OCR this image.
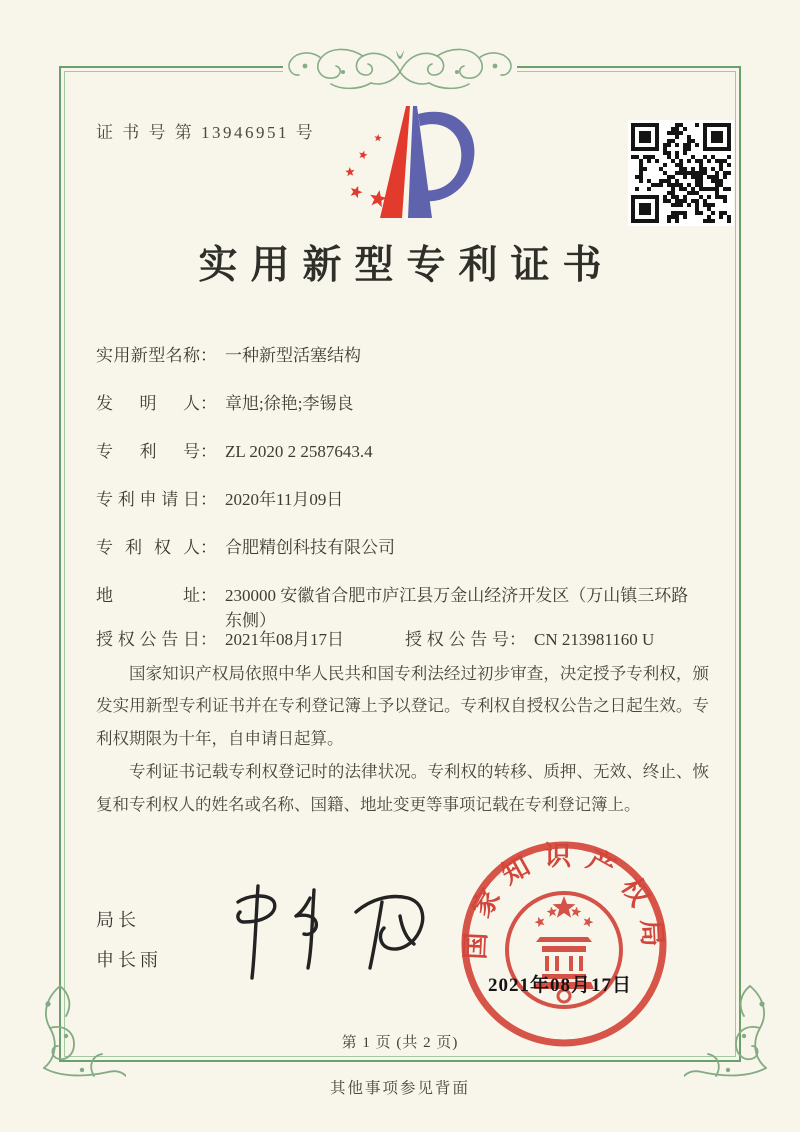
证 书 号 第 13946951 号
实用新型专利证书
实用新型名称 ： 一种新型活塞结构
发明人 ： 章旭;徐艳;李锡良
专利号 ： ZL 2020 2 2587643.4
专利申请日 ： 2020年11月09日
专利权人 ： 合肥精创科技有限公司
地址 ： 230000 安徽省合肥市庐江县万金山经济开发区（万山镇三环路东侧）
授权公告日 ： 2021年08月17日	授权公告号 ： CN 213981160 U

国家知识产权局依照中华人民共和国专利法经过初步审查，决定授予专利权，颁发实用新型专利证书并在专利登记簿上予以登记。专利权自授权公告之日起生效。专利权期限为十年，自申请日起算。

专利证书记载专利权登记时的法律状况。专利权的转移、质押、无效、终止、恢复和专利权人的姓名或名称、国籍、地址变更等事项记载在专利登记簿上。

局长
申长雨	国家知识产权局
2021年08月17日
第 1 页 (共 2 页)
其他事项参见背面
